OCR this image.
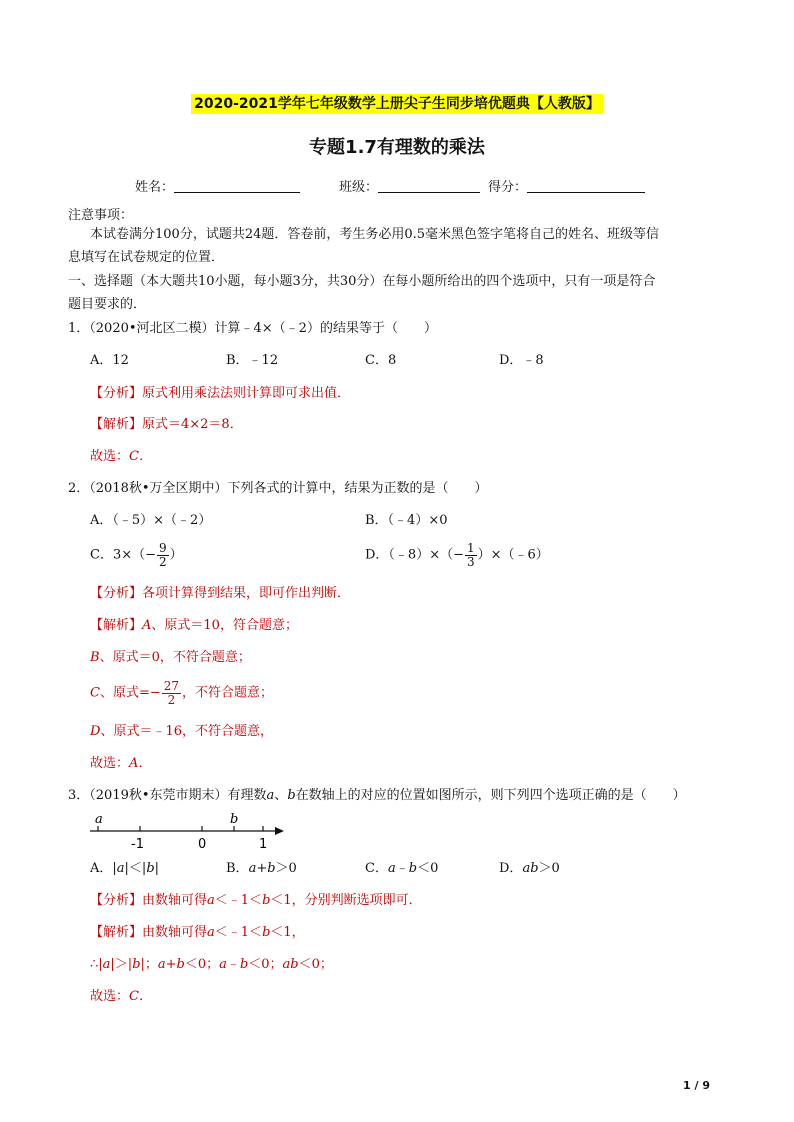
2020-2021学年七年级数学上册尖子生同步培优题典【人教版】
专题1.7有理数的乘法
姓名：	班级：	得分：
注意事项：
本试卷满分100分，试题共24题．答卷前，考生务必用0.5毫米黑色签字笔将自己的姓名、班级等信
息填写在试卷规定的位置．
一、选择题（本大题共10小题，每小题3分，共30分）在每小题所给出的四个选项中，只有一项是符合
题目要求的．
1．（2020•河北区二模）计算﹣4×（﹣2）的结果等于（　　）
A．12	B．﹣12	C．8	D．﹣8
【分析】原式利用乘法法则计算即可求出值．
【解析】原式＝4×2＝8．
故选：C．
2．（2018秋•万全区期中）下列各式的计算中，结果为正数的是（　　）
A．（﹣5）×（﹣2）	B．（﹣4）×0
C．$3\times(- \frac{9}{2}$ ）	D．（﹣8）×（− $\frac{1}{3}$ ）×（﹣6）
【分析】各项计算得到结果，即可作出判断．
【解析】A、原式＝10，符合题意；
B、原式＝0，不符合题意；
C、原式=− $\frac{27}{2}$ ，不符合题意；
D、原式＝﹣16，不符合题意，
故选：A．
3．（2019秋•东莞市期末）有理数a、b在数轴上的对应的位置如图所示，则下列四个选项正确的是（　　）
a	b
-1	0	1
A．|a|＜|b|	B．a+b＞0	C．a﹣b＜0	D．ab＞0
【分析】由数轴可得a＜﹣1＜b＜1，分别判断选项即可．
【解析】由数轴可得a＜﹣1＜b＜1，
∴|a|＞|b|；a+b＜0；a﹣b＜0；ab＜0；
故选：C．
1 / 9
